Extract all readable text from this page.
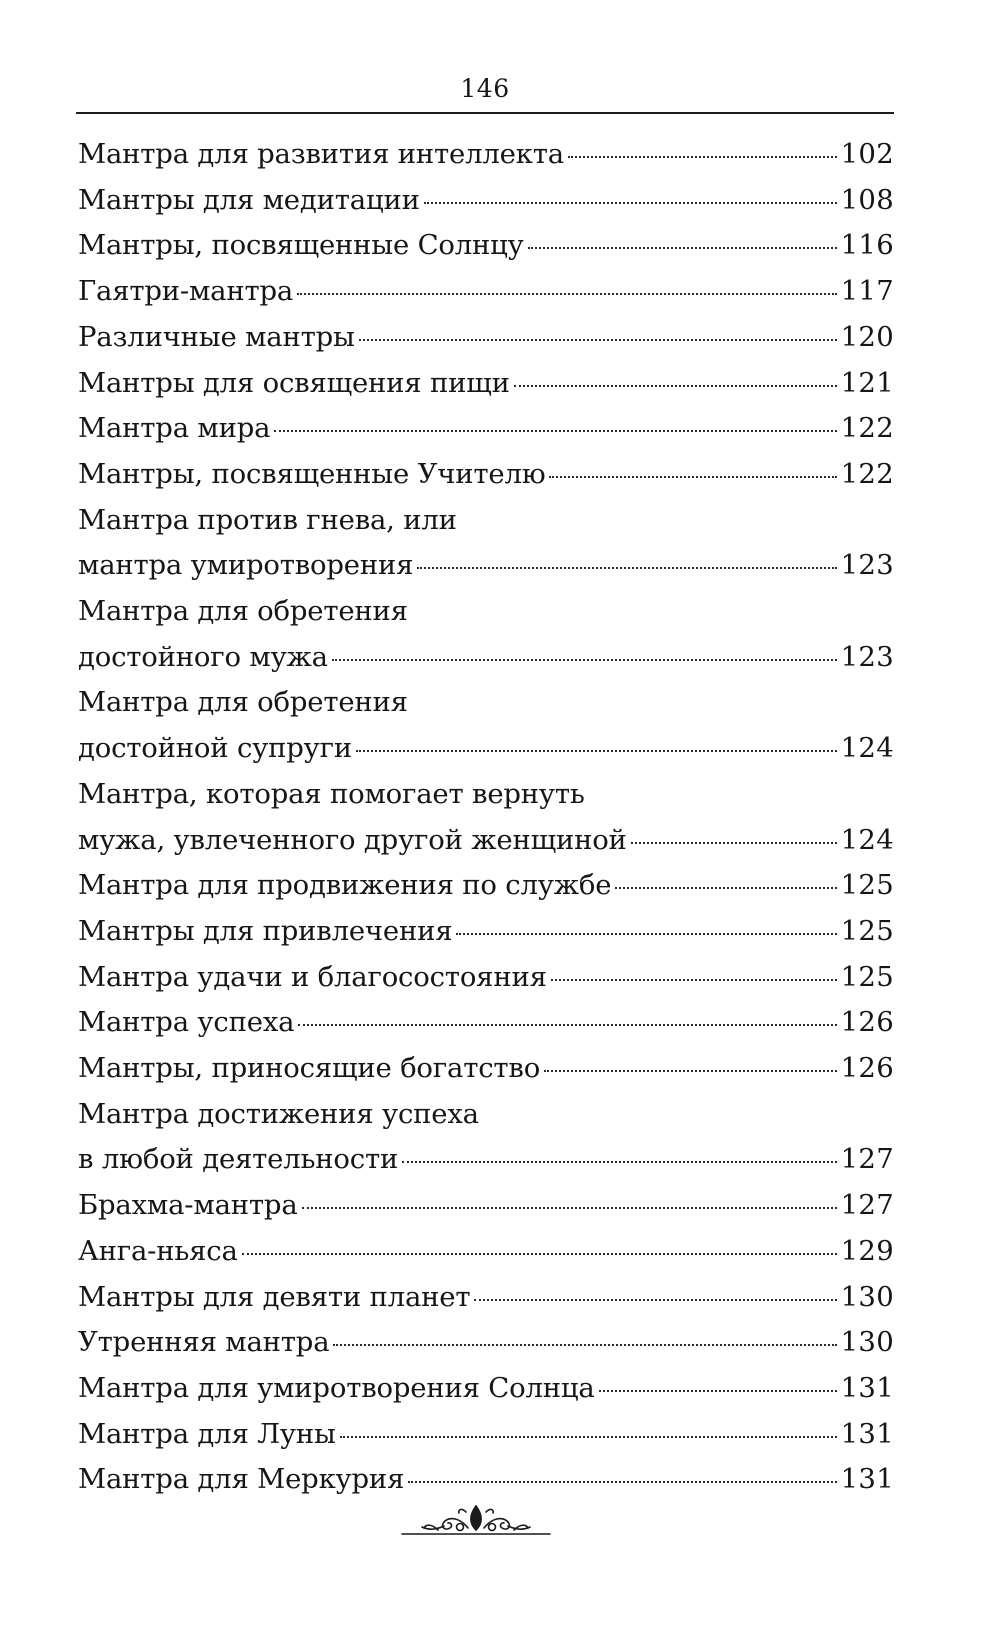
146
Мантра для развития интеллекта	102
Мантры для медитации	108
Мантры, посвященные Солнцу	116
Гаятри-мантра	117
Различные мантры	120
Мантры для освящения пищи	121
Мантра мира	122
Мантры, посвященные Учителю	122
Мантра против гнева, или
мантра умиротворения	123
Мантра для обретения
достойного мужа	123
Мантра для обретения
достойной супруги	124
Мантра, которая помогает вернуть
мужа, увлеченного другой женщиной	124
Мантра для продвижения по службе	125
Мантры для привлечения	125
Мантра удачи и благосостояния	125
Мантра успеха	126
Мантры, приносящие богатство	126
Мантра достижения успеха
в любой деятельности	127
Брахма-мантра	127
Анга-ньяса	129
Мантры для девяти планет	130
Утренняя мантра	130
Мантра для умиротворения Солнца	131
Мантра для Луны	131
Мантра для Меркурия	131
